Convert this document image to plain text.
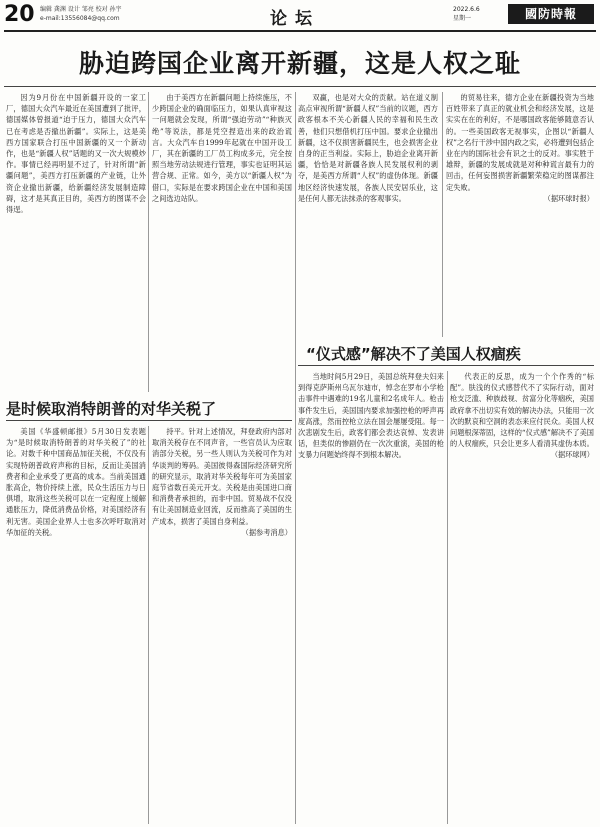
20 编辑 龚渊 设计 邹亮 校对 孙宇
e-mail:13556084@qq.com	论坛	2022.6.6
星期一	國防時報
胁迫跨国企业离开新疆，这是人权之耻

因为9月份在中国新疆开设的一家工厂，德国大众汽车最近在美国遭到了批评，德国媒体曾报道“迫于压力，德国大众汽车已在考虑是否撤出新疆”。实际上，这是美西方国家联合打压中国新疆的又一个新动作，也是“新疆人权”话题的又一次大规模炒作。事情已经再明显不过了，针对所谓“新疆问题”，美西方打压新疆的产业链，让外资企业撤出新疆，给新疆经济发展制造障碍，这才是其真正目的，美西方的图谋不会得逞。

由于美西方在新疆问题上持续施压，不少跨国企业的确面临压力，如果认真审视这一问题就会发现，所谓“强迫劳动”“种族灭绝”等说法，都是凭空捏造出来的政治谎言。大众汽车自1999年起就在中国开设工厂，其在新疆的工厂员工构成多元，完全按照当地劳动法规进行管理，事实也证明其运营合规、正常。如今，美方以“新疆人权”为借口，实际是在要求跨国企业在中国和美国之间选边站队。

双赢，也是对大众的贡献。站在道义制高点审视所谓“新疆人权”当前的议题，西方政客根本不关心新疆人民的幸福和民生改善，他们只想借机打压中国。要求企业撤出新疆，这不仅损害新疆民生，也会损害企业自身的正当利益。实际上，胁迫企业离开新疆，恰恰是对新疆各族人民发展权利的剥夺，是美西方所谓“人权”的虚伪体现。新疆地区经济快速发展，各族人民安居乐业，这是任何人都无法抹杀的客观事实。

的贸易往来，德方企业在新疆投资为当地百姓带来了真正的就业机会和经济发展，这是实实在在的利好，不是哪国政客能够随意否认的。一些美国政客无视事实，企图以“新疆人权”之名行干涉中国内政之实，必将遭到包括企业在内的国际社会有识之士的反对。事实胜于雄辩，新疆的发展成就是对种种谎言最有力的回击，任何妄图损害新疆繁荣稳定的图谋都注定失败。

（据环球时报）

是时候取消特朗普的对华关税了

美国《华盛顿邮报》5月30日发表题为“是时候取消特朗普的对华关税了”的社论。对数千种中国商品加征关税，不仅没有实现特朗普政府声称的目标，反而让美国消费者和企业承受了更高的成本。当前美国通胀高企，物价持续上涨，民众生活压力与日俱增，取消这些关税可以在一定程度上缓解通胀压力，降低消费品价格，对美国经济有利无害。美国企业界人士也多次呼吁取消对华加征的关税。

持平。针对上述情况，拜登政府内部对取消关税存在不同声音，一些官员认为应取消部分关税，另一些人则认为关税可作为对华谈判的筹码。美国彼得森国际经济研究所的研究显示，取消对华关税每年可为美国家庭节省数百美元开支。关税是由美国进口商和消费者承担的，而非中国。贸易战不仅没有让美国制造业回流，反而推高了美国的生产成本，损害了美国自身利益。

（据参考消息）

“仪式感”解决不了美国人权痼疾

当地时间5月29日，美国总统拜登夫妇来到得克萨斯州乌瓦尔迪市，悼念在罗布小学枪击事件中遇难的19名儿童和2名成年人。枪击事件发生后，美国国内要求加强控枪的呼声再度高涨，然而控枪立法在国会屡屡受阻。每一次悲剧发生后，政客们都会表达哀悼、发表讲话，但类似的惨剧仍在一次次重演，美国的枪支暴力问题始终得不到根本解决。

代表正的反思，成为一个个作秀的“标配”。肤浅的仪式感替代不了实际行动，面对枪支泛滥、种族歧视、贫富分化等痼疾，美国政府拿不出切实有效的解决办法，只能用一次次的默哀和空洞的表态来应付民众。美国人权问题根深蒂固，这样的“仪式感”解决不了美国的人权痼疾，只会让更多人看清其虚伪本质。

（据环球网）
